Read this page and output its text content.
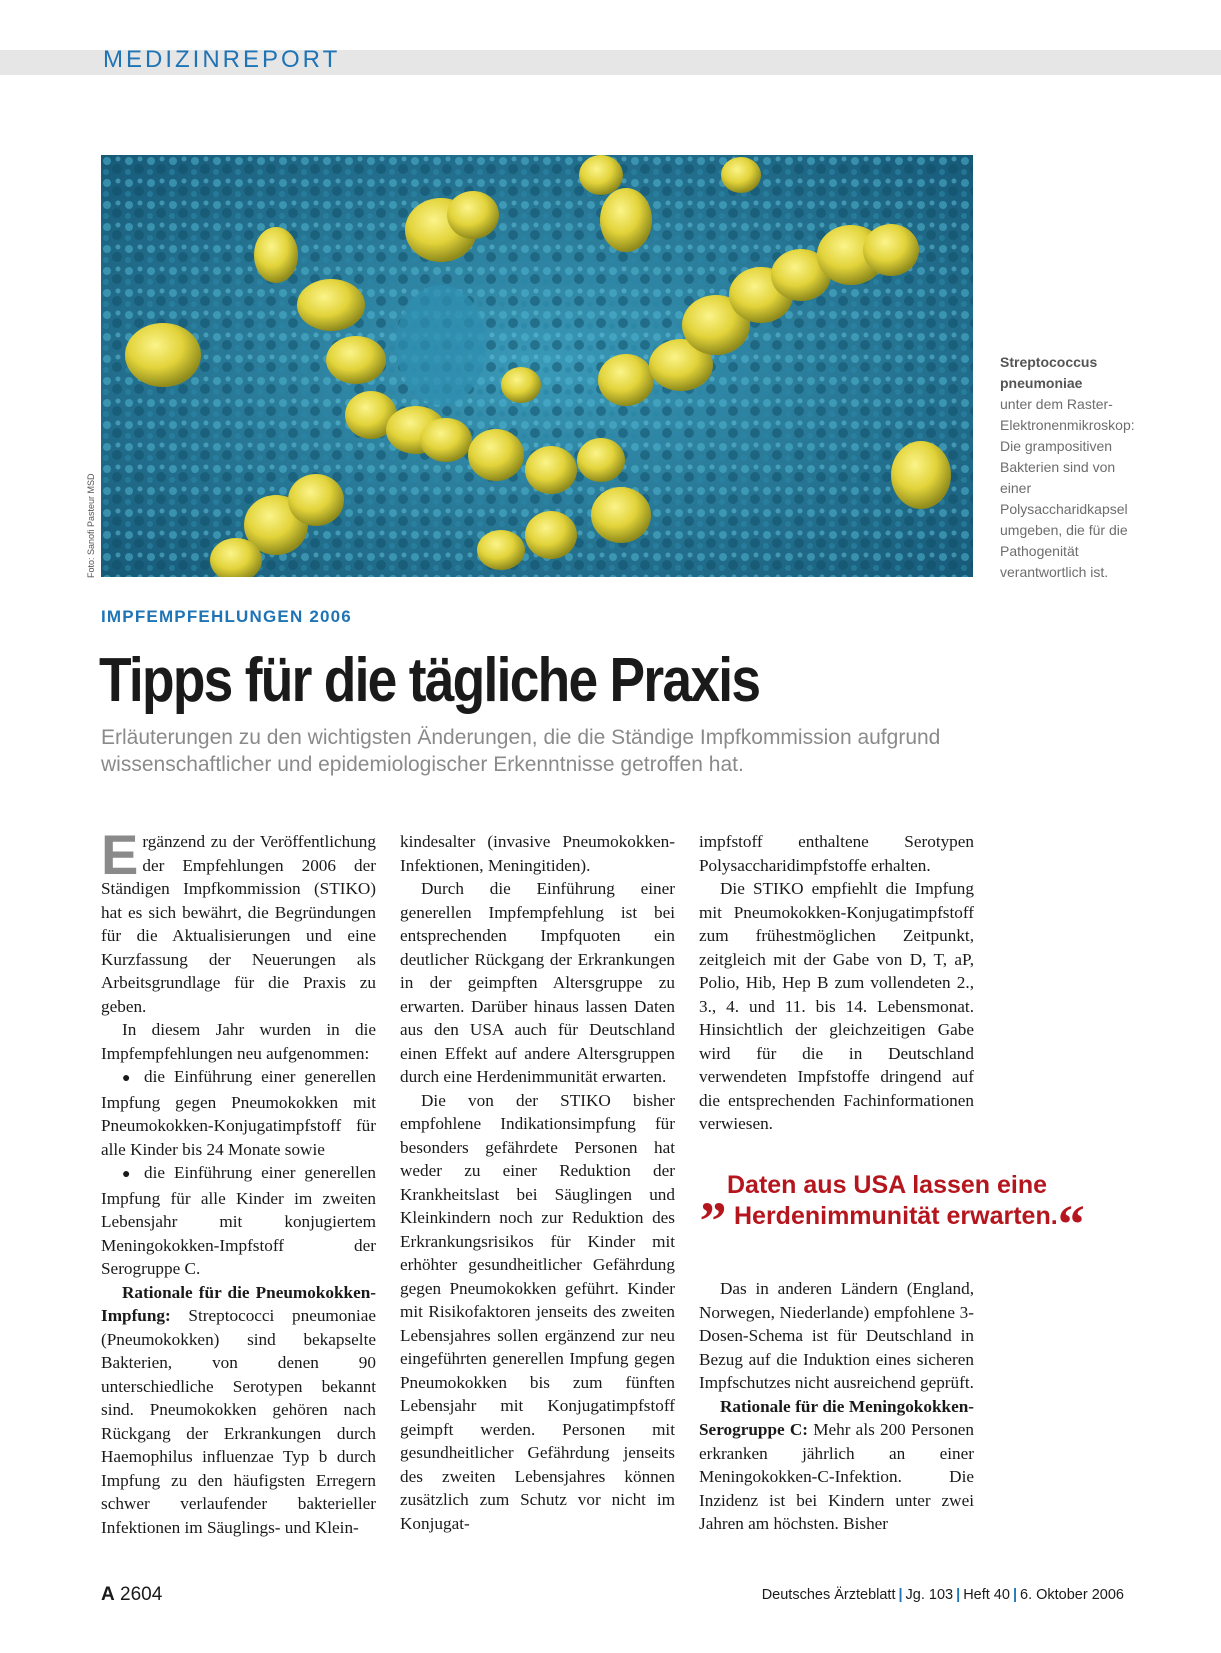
MEDIZINREPORT
Foto: Sanofi Pasteur MSD
Streptococcus pneumoniae
unter dem Raster-Elektronenmikroskop: Die grampositiven Bakterien sind von einer Polysaccharidkapsel umgeben, die für die Pathogenität verantwortlich ist.
IMPFEMPFEHLUNGEN 2006
Tipps für die tägliche Praxis
Erläuterungen zu den wichtigsten Änderungen, die die Ständige Impfkommission aufgrund wissenschaftlicher und epidemiologischer Erkenntnisse getroffen hat.

Ergänzend zu der Veröffentlichung der Empfehlungen 2006 der Ständigen Impfkommission (STIKO) hat es sich bewährt, die Begründungen für die Aktualisierungen und eine Kurzfassung der Neuerungen als Arbeitsgrundlage für die Praxis zu geben.

In diesem Jahr wurden in die Impfempfehlungen neu aufgenommen:

● die Einführung einer generellen Impfung gegen Pneumokokken mit Pneumokokken-Konjugatimpfstoff für alle Kinder bis 24 Monate sowie

● die Einführung einer generellen Impfung für alle Kinder im zweiten Lebensjahr mit konjugiertem Meningokokken-Impfstoff der Serogruppe C.

Rationale für die Pneumokokken-Impfung: Streptococci pneumoniae (Pneumokokken) sind bekapselte Bakterien, von denen 90 unterschiedliche Serotypen bekannt sind. Pneumokokken gehören nach Rückgang der Erkrankungen durch Haemophilus influenzae Typ b durch Impfung zu den häufigsten Erregern schwer verlaufender bakterieller Infektionen im Säuglings- und Klein-

kindesalter (invasive Pneumokokken-Infektionen, Meningitiden).

Durch die Einführung einer generellen Impfempfehlung ist bei entsprechenden Impfquoten ein deutlicher Rückgang der Erkrankungen in der geimpften Altersgruppe zu erwarten. Darüber hinaus lassen Daten aus den USA auch für Deutschland einen Effekt auf andere Altersgruppen durch eine Herdenimmunität erwarten.

Die von der STIKO bisher empfohlene Indikationsimpfung für besonders gefährdete Personen hat weder zu einer Reduktion der Krankheitslast bei Säuglingen und Kleinkindern noch zur Reduktion des Erkrankungsrisikos für Kinder mit erhöhter gesundheitlicher Gefährdung gegen Pneumokokken geführt. Kinder mit Risikofaktoren jenseits des zweiten Lebensjahres sollen ergänzend zur neu eingeführten generellen Impfung gegen Pneumokokken bis zum fünften Lebensjahr mit Konjugatimpfstoff geimpft werden. Personen mit gesundheitlicher Gefährdung jenseits des zweiten Lebensjahres können zusätzlich zum Schutz vor nicht im Konjugat-

impfstoff enthaltene Serotypen Polysaccharidimpfstoffe erhalten.

Die STIKO empfiehlt die Impfung mit Pneumokokken-Konjugatimpfstoff zum frühestmöglichen Zeitpunkt, zeitgleich mit der Gabe von D, T, aP, Polio, Hib, Hep B zum vollendeten 2., 3., 4. und 11. bis 14. Lebensmonat. Hinsichtlich der gleichzeitigen Gabe wird für die in Deutschland verwendeten Impfstoffe dringend auf die entsprechenden Fachinformationen verwiesen.

„Daten aus USA lassen eine
Herdenimmunität erwarten.“

Das in anderen Ländern (England, Norwegen, Niederlande) empfohlene 3-Dosen-Schema ist für Deutschland in Bezug auf die Induktion eines sicheren Impfschutzes nicht ausreichend geprüft.

Rationale für die Meningokokken-Serogruppe C: Mehr als 200 Personen erkranken jährlich an einer Meningokokken-C-Infektion. Die Inzidenz ist bei Kindern unter zwei Jahren am höchsten. Bisher

A 2604	Deutsches Ärzteblatt | Jg. 103 | Heft 40 | 6. Oktober 2006
